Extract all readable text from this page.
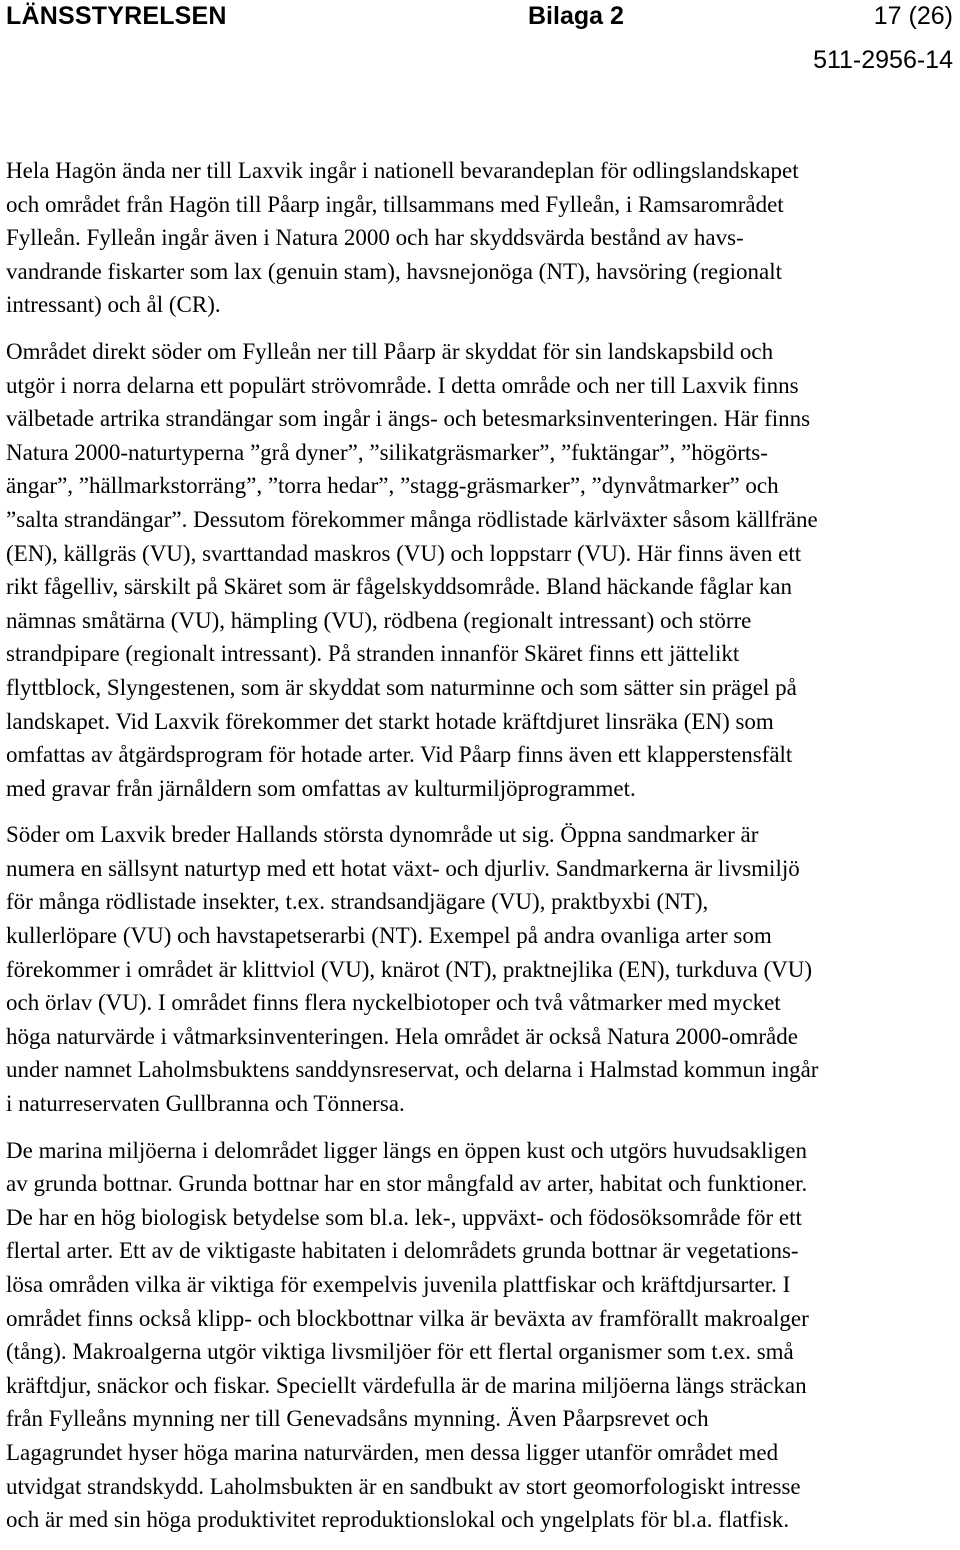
LÄNSSTYRELSEN	Bilaga 2	17 (26)
511-2956-14

Hela Hagön ända ner till Laxvik ingår i nationell bevarandeplan för odlingslandskapet
och området från Hagön till Påarp ingår, tillsammans med Fylleån, i Ramsarområdet
Fylleån. Fylleån ingår även i Natura 2000 och har skyddsvärda bestånd av havs-
vandrande fiskarter som lax (genuin stam), havsnejonöga (NT), havsöring (regionalt
intressant) och ål (CR).

Området direkt söder om Fylleån ner till Påarp är skyddat för sin landskapsbild och
utgör i norra delarna ett populärt strövområde. I detta område och ner till Laxvik finns
välbetade artrika strandängar som ingår i ängs- och betesmarksinventeringen. Här finns
Natura 2000-naturtyperna ”grå dyner”, ”silikatgräsmarker”, ”fuktängar”, ”högörts-
ängar”, ”hällmarkstorräng”, ”torra hedar”, ”stagg-gräsmarker”, ”dynvåtmarker” och
”salta strandängar”. Dessutom förekommer många rödlistade kärlväxter såsom källfräne
(EN), källgräs (VU), svarttandad maskros (VU) och loppstarr (VU). Här finns även ett
rikt fågelliv, särskilt på Skäret som är fågelskyddsområde. Bland häckande fåglar kan
nämnas småtärna (VU), hämpling (VU), rödbena (regionalt intressant) och större
strandpipare (regionalt intressant). På stranden innanför Skäret finns ett jättelikt
flyttblock, Slyngestenen, som är skyddat som naturminne och som sätter sin prägel på
landskapet. Vid Laxvik förekommer det starkt hotade kräftdjuret linsräka (EN) som
omfattas av åtgärdsprogram för hotade arter. Vid Påarp finns även ett klapperstensfält
med gravar från järnåldern som omfattas av kulturmiljöprogrammet.

Söder om Laxvik breder Hallands största dynområde ut sig. Öppna sandmarker är
numera en sällsynt naturtyp med ett hotat växt- och djurliv. Sandmarkerna är livsmiljö
för många rödlistade insekter, t.ex. strandsandjägare (VU), praktbyxbi (NT),
kullerlöpare (VU) och havstapetserarbi (NT). Exempel på andra ovanliga arter som
förekommer i området är klittviol (VU), knärot (NT), praktnejlika (EN), turkduva (VU)
och örlav (VU). I området finns flera nyckelbiotoper och två våtmarker med mycket
höga naturvärde i våtmarksinventeringen. Hela området är också Natura 2000-område
under namnet Laholmsbuktens sanddynsreservat, och delarna i Halmstad kommun ingår
i naturreservaten Gullbranna och Tönnersa.

De marina miljöerna i delområdet ligger längs en öppen kust och utgörs huvudsakligen
av grunda bottnar. Grunda bottnar har en stor mångfald av arter, habitat och funktioner.
De har en hög biologisk betydelse som bl.a. lek-, uppväxt- och födosöksområde för ett
flertal arter. Ett av de viktigaste habitaten i delområdets grunda bottnar är vegetations-
lösa områden vilka är viktiga för exempelvis juvenila plattfiskar och kräftdjursarter. I
området finns också klipp- och blockbottnar vilka är beväxta av framförallt makroalger
(tång). Makroalgerna utgör viktiga livsmiljöer för ett flertal organismer som t.ex. små
kräftdjur, snäckor och fiskar. Speciellt värdefulla är de marina miljöerna längs sträckan
från Fylleåns mynning ner till Genevadsåns mynning. Även Påarpsrevet och
Lagagrundet hyser höga marina naturvärden, men dessa ligger utanför området med
utvidgat strandskydd. Laholmsbukten är en sandbukt av stort geomorfologiskt intresse
och är med sin höga produktivitet reproduktionslokal och yngelplats för bl.a. flatfisk.
